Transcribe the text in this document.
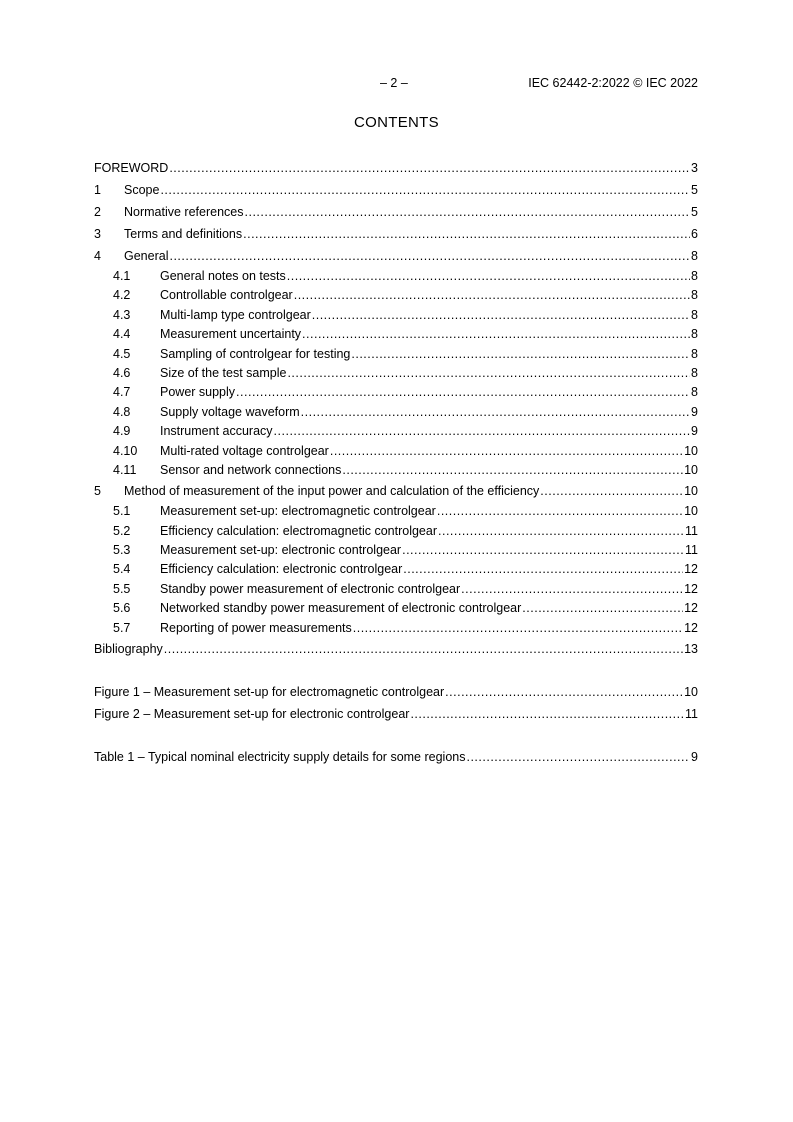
– 2 –	IEC 62442-2:2022 © IEC 2022
CONTENTS
FOREWORD .....	3
1	Scope .....	5
2	Normative references .....	5
3	Terms and definitions .....	6
4	General .....	8
4.1	General notes on tests .....	8
4.2	Controllable controlgear .....	8
4.3	Multi-lamp type controlgear .....	8
4.4	Measurement uncertainty .....	8
4.5	Sampling of controlgear for testing .....	8
4.6	Size of the test sample .....	8
4.7	Power supply .....	8
4.8	Supply voltage waveform .....	9
4.9	Instrument accuracy .....	9
4.10	Multi-rated voltage controlgear .....	10
4.11	Sensor and network connections .....	10
5	Method of measurement of the input power and calculation of the efficiency .....	10
5.1	Measurement set-up: electromagnetic controlgear .....	10
5.2	Efficiency calculation: electromagnetic controlgear .....	11
5.3	Measurement set-up: electronic controlgear .....	11
5.4	Efficiency calculation: electronic controlgear .....	12
5.5	Standby power measurement of electronic controlgear .....	12
5.6	Networked standby power measurement of electronic controlgear .....	12
5.7	Reporting of power measurements .....	12
Bibliography .....	13
Figure 1 – Measurement set-up for electromagnetic controlgear .....	10
Figure 2 – Measurement set-up for electronic controlgear .....	11
Table 1 – Typical nominal electricity supply details for some regions .....	9
